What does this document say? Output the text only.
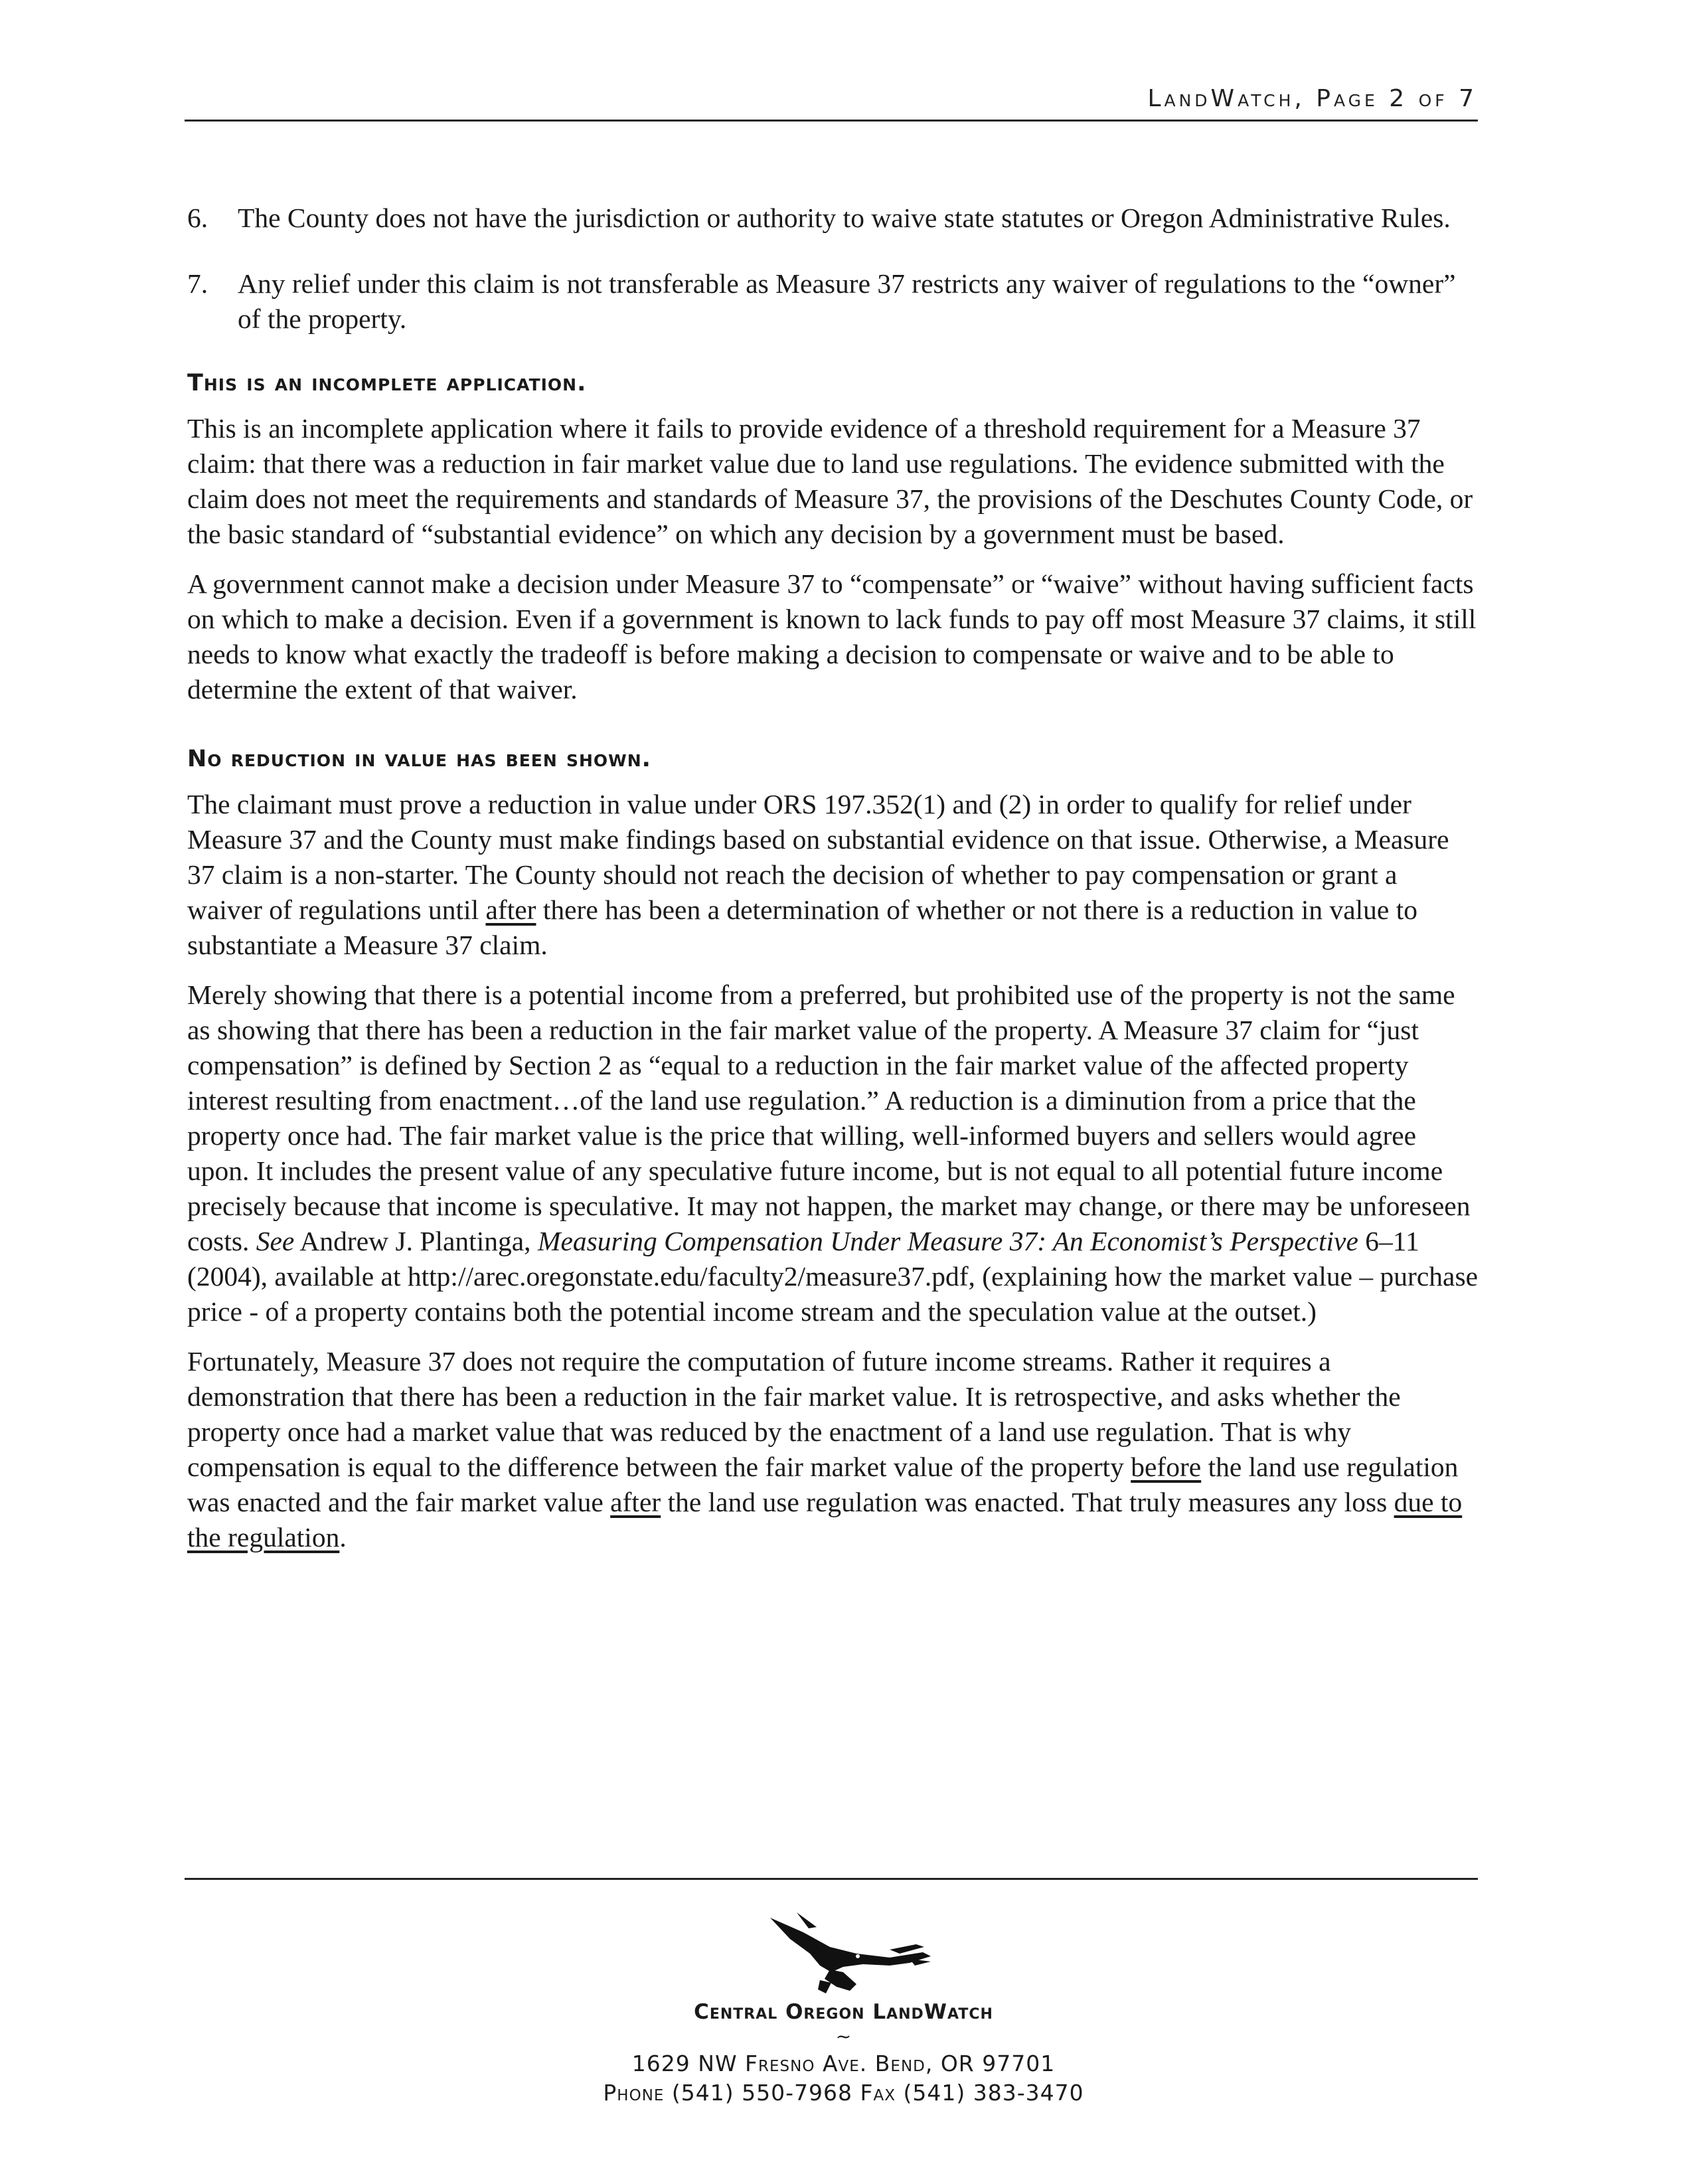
LandWatch, Page 2 of 7
6.	The County does not have the jurisdiction or authority to waive state statutes or Oregon Administrative Rules.
7.	Any relief under this claim is not transferable as Measure 37 restricts any waiver of regulations to the “owner” of the property.
This is an incomplete application.

This is an incomplete application where it fails to provide evidence of a threshold requirement for a Measure 37 claim: that there was a reduction in fair market value due to land use regulations. The evidence submitted with the claim does not meet the requirements and standards of Measure 37, the provisions of the Deschutes County Code, or the basic standard of “substantial evidence” on which any decision by a government must be based.

A government cannot make a decision under Measure 37 to “compensate” or “waive” without having sufficient facts on which to make a decision. Even if a government is known to lack funds to pay off most Measure 37 claims, it still needs to know what exactly the tradeoff is before making a decision to compensate or waive and to be able to determine the extent of that waiver.

No reduction in value has been shown.

The claimant must prove a reduction in value under ORS 197.352(1) and (2) in order to qualify for relief under Measure 37 and the County must make findings based on substantial evidence on that issue. Otherwise, a Measure 37 claim is a non-starter. The County should not reach the decision of whether to pay compensation or grant a waiver of regulations until after there has been a determination of whether or not there is a reduction in value to substantiate a Measure 37 claim.

Merely showing that there is a potential income from a preferred, but prohibited use of the property is not the same as showing that there has been a reduction in the fair market value of the property. A Measure 37 claim for “just compensation” is defined by Section 2 as “equal to a reduction in the fair market value of the affected property interest resulting from enactment…of the land use regulation.” A reduction is a diminution from a price that the property once had. The fair market value is the price that willing, well-informed buyers and sellers would agree upon. It includes the present value of any speculative future income, but is not equal to all potential future income precisely because that income is speculative. It may not happen, the market may change, or there may be unforeseen costs. See Andrew J. Plantinga, Measuring Compensation Under Measure 37: An Economist’s Perspective 6–11 (2004), available at http://arec.oregonstate.edu/faculty2/measure37.pdf, (explaining how the market value – purchase price - of a property contains both the potential income stream and the speculation value at the outset.)

Fortunately, Measure 37 does not require the computation of future income streams. Rather it requires a demonstration that there has been a reduction in the fair market value. It is retrospective, and asks whether the property once had a market value that was reduced by the enactment of a land use regulation. That is why compensation is equal to the difference between the fair market value of the property before the land use regulation was enacted and the fair market value after the land use regulation was enacted. That truly measures any loss due to the regulation.

Central Oregon LandWatch
~
1629 NW Fresno Ave. Bend, OR 97701
Phone (541) 550-7968 Fax (541) 383-3470
